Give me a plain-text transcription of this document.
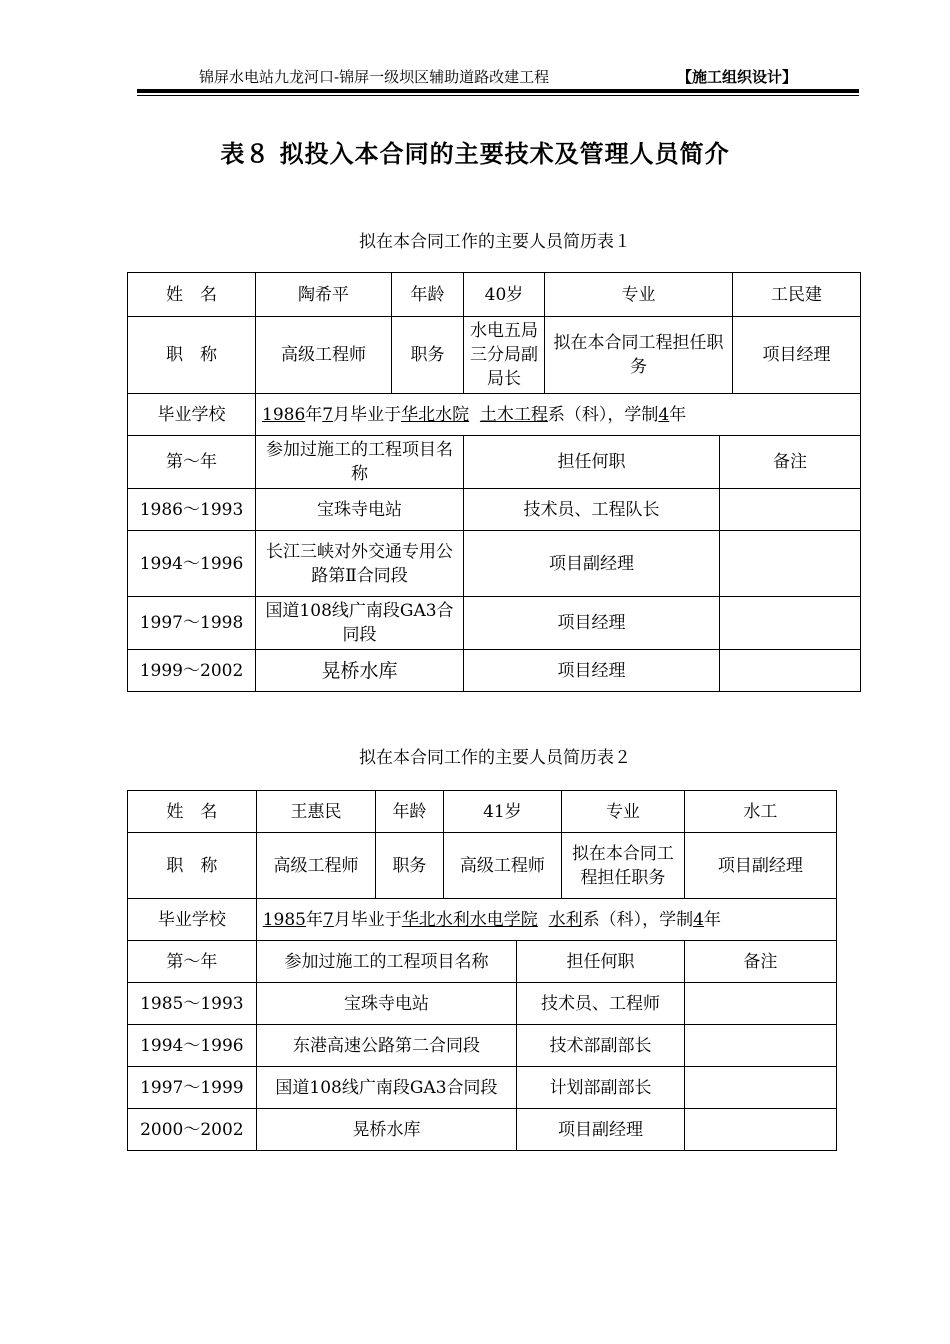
锦屏水电站九龙河口-锦屏一级坝区辅助道路改建工程	【施工组织设计】
表８ 拟投入本合同的主要技术及管理人员简介
拟在本合同工作的主要人员简历表１
姓　名	陶希平	年龄	40岁	专业		工民建
职　称	高级工程师	职务	水电五局三分局副局长	拟在本合同工程担任职务		项目经理
毕业学校	1986年7月毕业于华北水院 土木工程系（科），学制4年					
第～年	参加过施工的工程项目名称		担任何职		备注	
1986～1993	宝珠寺电站		技术员、工程队长			
1994～1996	长江三峡对外交通专用公路第Ⅱ合同段		项目副经理			
1997～1998	国道108线广南段GA3合同段		项目经理			
1999～2002	晃桥水库		项目经理			
拟在本合同工作的主要人员简历表２
姓　名	王惠民	年龄	41岁		专业	水工
职　称	高级工程师	职务	高级工程师		拟在本合同工程担任职务	项目副经理
毕业学校	1985年7月毕业于华北水利水电学院 水利系（科），学制4年					
第～年	参加过施工的工程项目名称			担任何职		备注
1985～1993	宝珠寺电站			技术员、工程师		
1994～1996	东港高速公路第二合同段			技术部副部长		
1997～1999	国道108线广南段GA3合同段			计划部副部长		
2000～2002	晃桥水库			项目副经理		
